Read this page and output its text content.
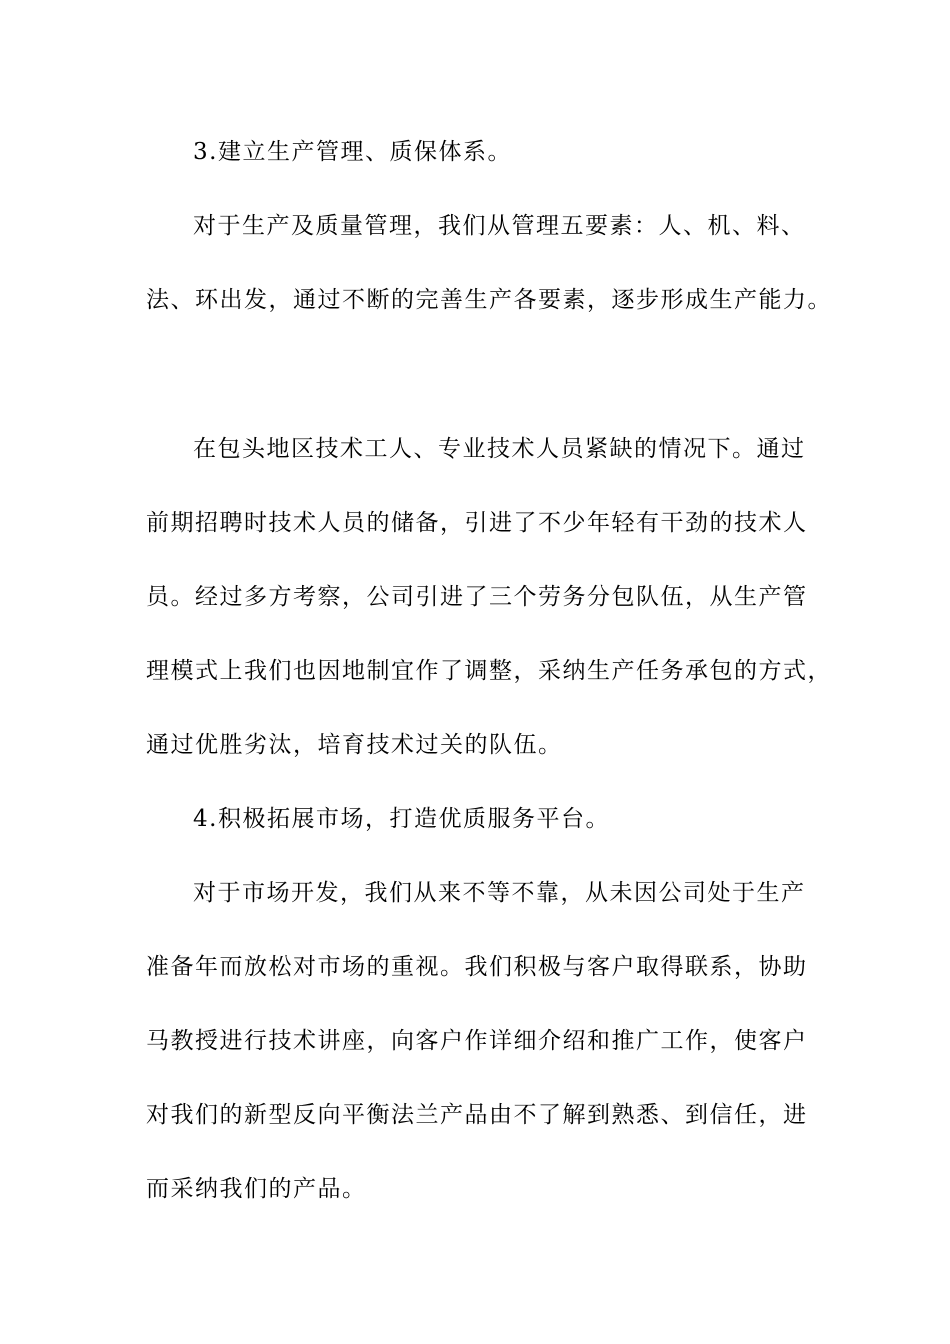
3.建立生产管理、质保体系。
对于生产及质量管理，我们从管理五要素：人、机、料、
法、环出发，通过不断的完善生产各要素，逐步形成生产能力。
在包头地区技术工人、专业技术人员紧缺的情况下。通过
前期招聘时技术人员的储备，引进了不少年轻有干劲的技术人
员。经过多方考察，公司引进了三个劳务分包队伍，从生产管
理模式上我们也因地制宜作了调整，采纳生产任务承包的方式，
通过优胜劣汰，培育技术过关的队伍。
4.积极拓展市场，打造优质服务平台。
对于市场开发，我们从来不等不靠，从未因公司处于生产
准备年而放松对市场的重视。我们积极与客户取得联系，协助
马教授进行技术讲座，向客户作详细介绍和推广工作，使客户
对我们的新型反向平衡法兰产品由不了解到熟悉、到信任，进
而采纳我们的产品。
